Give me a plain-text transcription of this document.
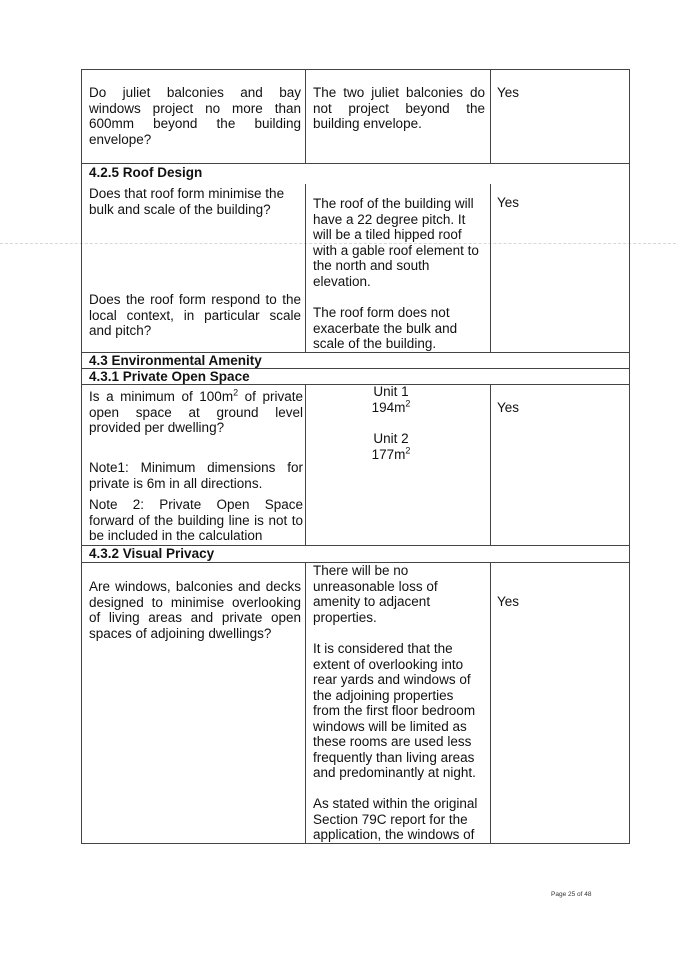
Do juliet balconies and bay windows project no more than 600mm beyond the building envelope?
The two juliet balconies do not project beyond the building envelope.
Yes
4.2.5 Roof Design
Does that roof form minimise the bulk and scale of the building?	The roof of the building will have a 22 degree pitch. It will be a tiled hipped roof with a gable roof element to the north and south elevation.
Yes
Does the roof form respond to the local context, in particular scale and pitch?
The roof form does not exacerbate the bulk and scale of the building.
4.3 Environmental Amenity
4.3.1 Private Open Space
Is a minimum of $100m^2$ of private open space at ground level provided per dwelling?
Note1: Minimum dimensions for private is 6m in all directions.
Note 2: Private Open Space forward of the building line is not to be included in the calculation
Unit 1
$194m^2$
Unit 2
$177m^2$
Yes
4.3.2 Visual Privacy
Are windows, balconies and decks designed to minimise overlooking of living areas and private open spaces of adjoining dwellings?
There will be no unreasonable loss of amenity to adjacent properties.
It is considered that the extent of overlooking into rear yards and windows of the adjoining properties from the first floor bedroom windows will be limited as these rooms are used less frequently than living areas and predominantly at night.
As stated within the original Section 79C report for the application, the windows of
Yes
Page 25 of 48
